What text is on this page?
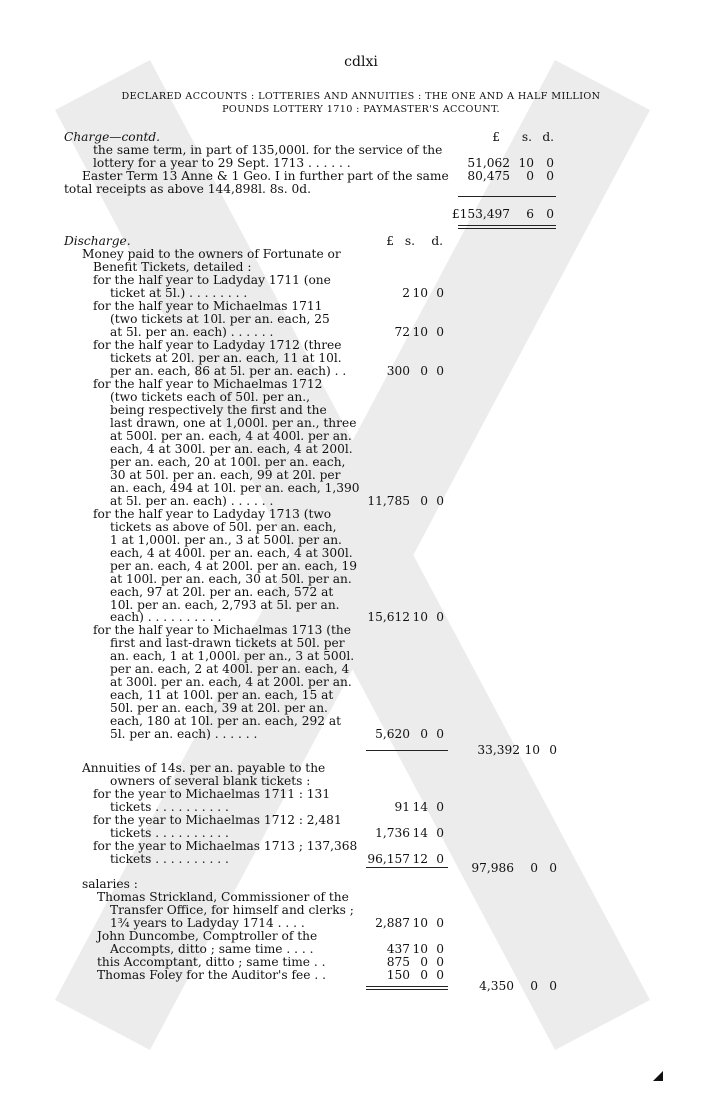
cdlxi
DECLARED ACCOUNTS : LOTTERIES AND ANNUITIES : THE ONE AND A HALF MILLION
POUNDS LOTTERY 1710 : PAYMASTER'S ACCOUNT.
Charge—contd.	£ s. d.
the same term, in part of 135,000l. for the service of the
lottery for a year to 29 Sept. 1713 . . . . . .
Easter Term 13 Anne & 1 Geo. I in further part of the same
total receipts as above 144,898l. 8s. 0d.
51,062 10 0
80,475 0 0
£153,497 6 0
Discharge.	£ s. d.
Money paid to the owners of Fortunate or
Benefit Tickets, detailed :
for the half year to Ladyday 1711 (one
ticket at 5l.) . . . . . . . .
for the half year to Michaelmas 1711
(two tickets at 10l. per an. each, 25
at 5l. per an. each) . . . . . .
for the half year to Ladyday 1712 (three
tickets at 20l. per an. each, 11 at 10l.
per an. each, 86 at 5l. per an. each) . .
for the half year to Michaelmas 1712
(two tickets each of 50l. per an.,
being respectively the first and the
last drawn, one at 1,000l. per an., three
at 500l. per an. each, 4 at 400l. per an.
each, 4 at 300l. per an. each, 4 at 200l.
per an. each, 20 at 100l. per an. each,
30 at 50l. per an. each, 99 at 20l. per
an. each, 494 at 10l. per an. each, 1,390
at 5l. per an. each) . . . . . .
for the half year to Ladyday 1713 (two
tickets as above of 50l. per an. each,
1 at 1,000l. per an., 3 at 500l. per an.
each, 4 at 400l. per an. each, 4 at 300l.
per an. each, 4 at 200l. per an. each, 19
at 100l. per an. each, 30 at 50l. per an.
each, 97 at 20l. per an. each, 572 at
10l. per an. each, 2,793 at 5l. per an.
each) . . . . . . . . . .
for the half year to Michaelmas 1713 (the
first and last-drawn tickets at 50l. per
an. each, 1 at 1,000l. per an., 3 at 500l.
per an. each, 2 at 400l. per an. each, 4
at 300l. per an. each, 4 at 200l. per an.
each, 11 at 100l. per an. each, 15 at
50l. per an. each, 39 at 20l. per an.
each, 180 at 10l. per an. each, 292 at
5l. per an. each) . . . . . .
2 10 0
72 10 0
300 0 0
11,785 0 0
15,612 10 0
5,620 0 0
33,392 10 0
Annuities of 14s. per an. payable to the
owners of several blank tickets :
for the year to Michaelmas 1711 : 131
tickets . . . . . . . . . .
for the year to Michaelmas 1712 : 2,481
tickets . . . . . . . . . .
for the year to Michaelmas 1713 ; 137,368
tickets . . . . . . . . . .
91 14 0
1,736 14 0
96,157 12 0
97,986 0 0
salaries :
Thomas Strickland, Commissioner of the
Transfer Office, for himself and clerks ;
1¾ years to Ladyday 1714 . . . .
John Duncombe, Comptroller of the
Accompts, ditto ; same time . . . .
this Accomptant, ditto ; same time . .
Thomas Foley for the Auditor's fee . .
2,887 10 0
437 10 0
875 0 0
150 0 0
4,350 0 0
